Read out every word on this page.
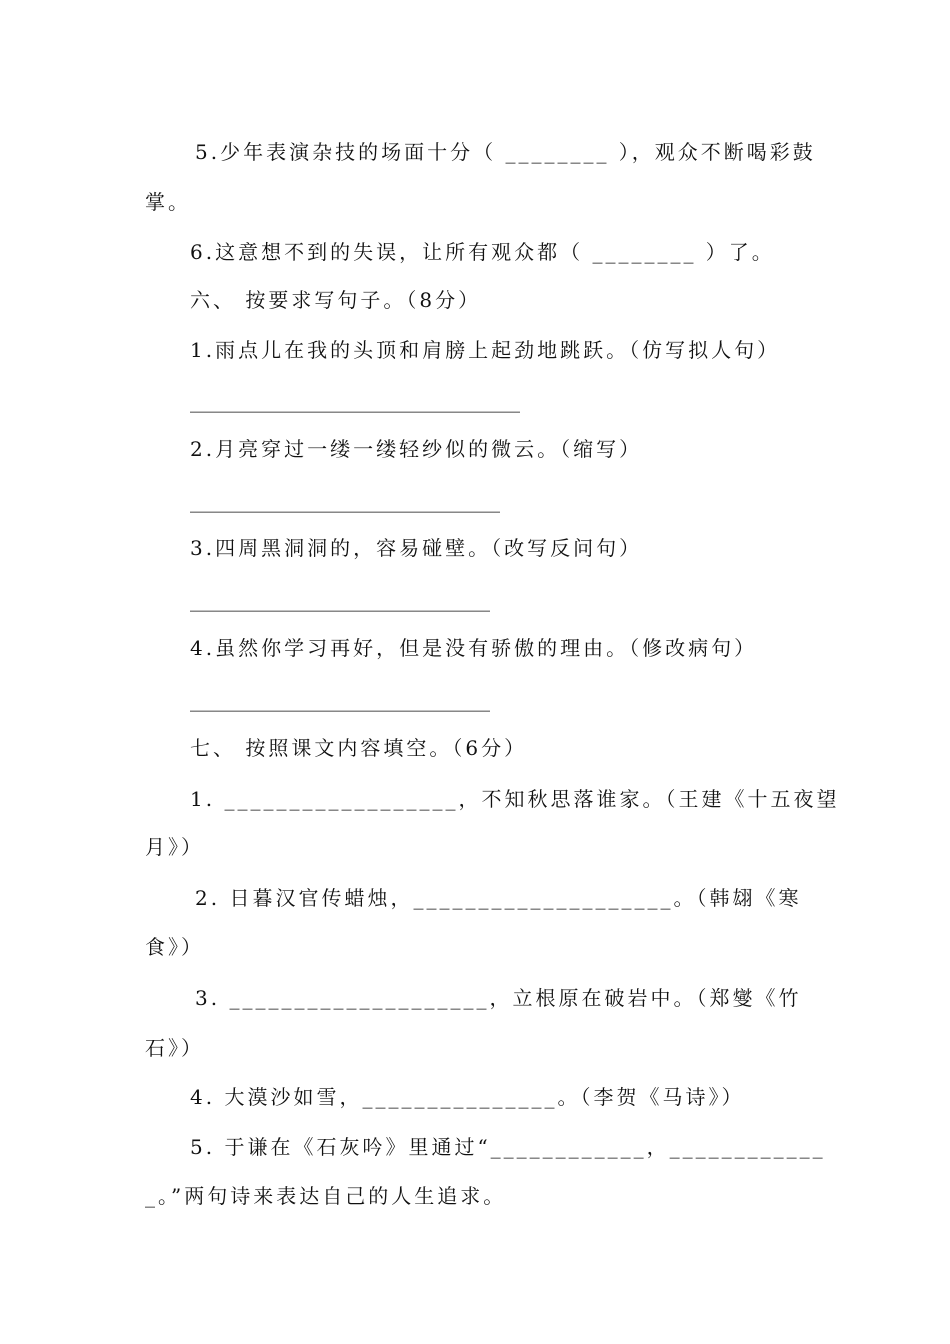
5.少年表演杂技的场面十分（ ________ ），观众不断喝彩鼓
掌。
6.这意想不到的失误，让所有观众都（ ________ ）了。
六、 按要求写句子。（8分）
1.雨点儿在我的头顶和肩膀上起劲地跳跃。（仿写拟人句）
_________________________________
2.月亮穿过一缕一缕轻纱似的微云。（缩写）
_______________________________
3.四周黑洞洞的，容易碰壁。（改写反问句）
______________________________
4.虽然你学习再好，但是没有骄傲的理由。（修改病句）
______________________________
七、 按照课文内容填空。（6分）
1. __________________，不知秋思落谁家。（王建《十五夜望
月》）
2. 日暮汉官传蜡烛，____________________。（韩翃《寒
食》）
3. ____________________，立根原在破岩中。（郑燮《竹
石》）
4. 大漠沙如雪，_______________。（李贺《马诗》）
5. 于谦在《石灰吟》里通过“____________，____________
_。”两句诗来表达自己的人生追求。
